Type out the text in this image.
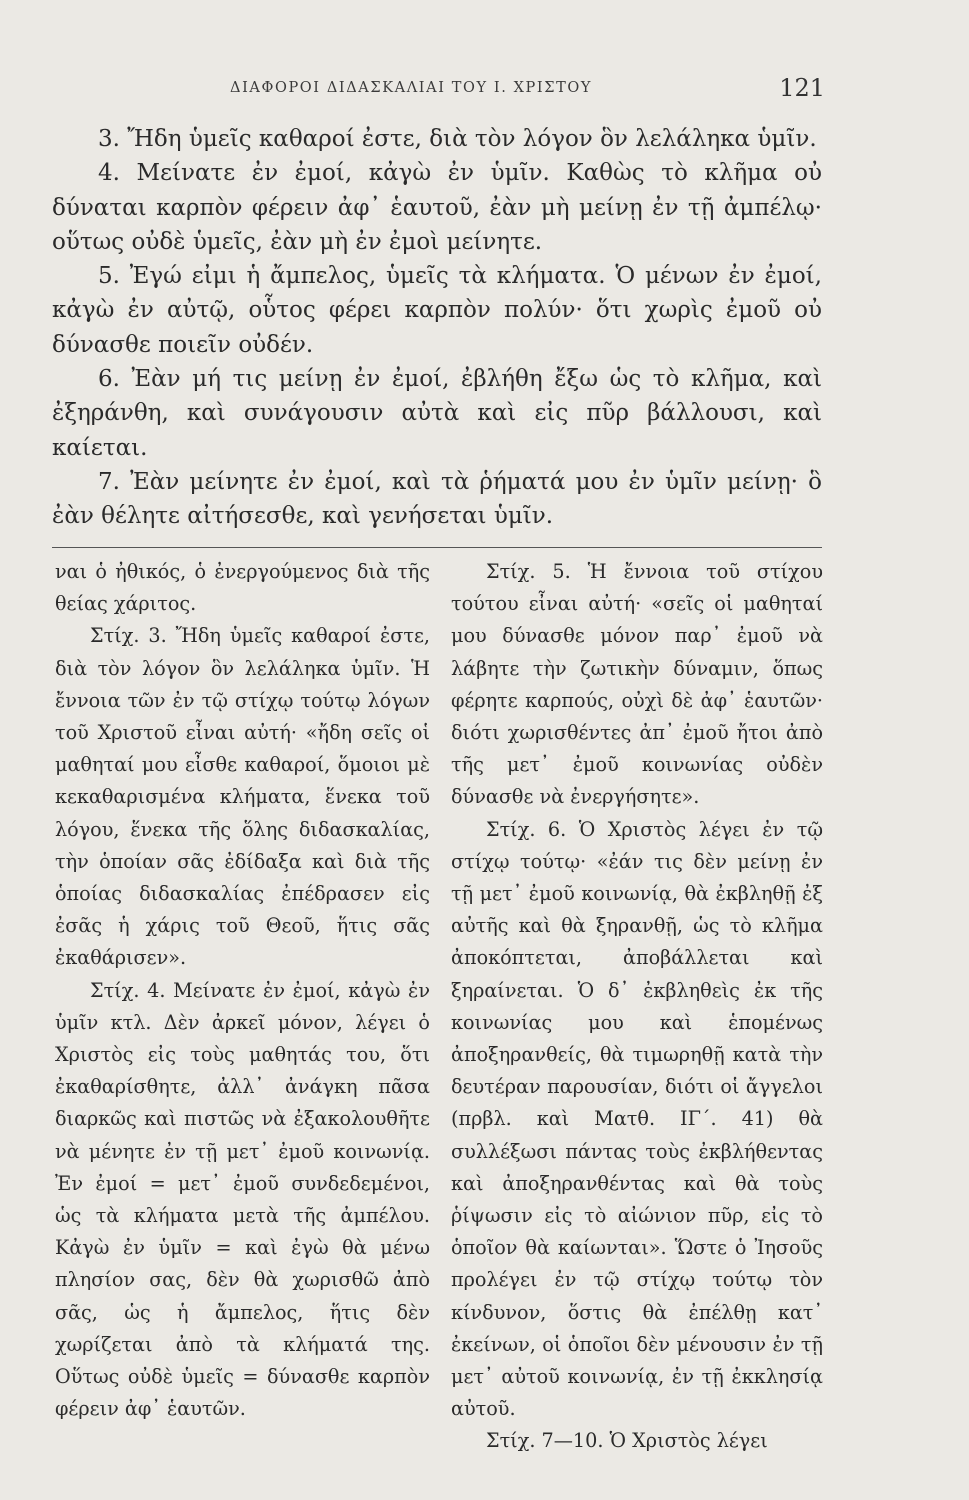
ΔΙΑΦΟΡΟΙ ΔΙΔΑΣΚΑΛΙΑΙ ΤΟΥ Ι. ΧΡΙΣΤΟΥ	121

3. Ἤδη ὑμεῖς καθαροί ἐστε, διὰ τὸν λόγον ὃν λελάληκα ὑμῖν.

4. Μείνατε ἐν ἐμοί, κἀγὼ ἐν ὑμῖν. Καθὼς τὸ κλῆμα οὐ δύναται καρπὸν φέρειν ἀφ᾽ ἑαυτοῦ, ἐὰν μὴ μείνῃ ἐν τῇ ἀμπέλῳ· οὕτως οὐδὲ ὑμεῖς, ἐὰν μὴ ἐν ἐμοὶ μείνητε.

5. Ἐγώ εἰμι ἡ ἄμπελος, ὑμεῖς τὰ κλήματα. Ὁ μένων ἐν ἐμοί, κἀγὼ ἐν αὐτῷ, οὗτος φέρει καρπὸν πολύν· ὅτι χωρὶς ἐμοῦ οὐ δύνασθε ποιεῖν οὐδέν.

6. Ἐὰν μή τις μείνῃ ἐν ἐμοί, ἐβλήθη ἔξω ὡς τὸ κλῆμα, καὶ ἐξηράνθη, καὶ συνάγουσιν αὐτὰ καὶ εἰς πῦρ βάλλουσι, καὶ καίεται.

7. Ἐὰν μείνητε ἐν ἐμοί, καὶ τὰ ῥήματά μου ἐν ὑμῖν μείνῃ· ὃ ἐὰν θέλητε αἰτήσεσθε, καὶ γενήσεται ὑμῖν.

ναι ὁ ἠθικός, ὁ ἐνεργούμενος διὰ τῆς θείας χάριτος.

Στίχ. 3. Ἤδη ὑμεῖς καθαροί ἐστε, διὰ τὸν λόγον ὃν λελάληκα ὑμῖν. Ἡ ἔννοια τῶν ἐν τῷ στίχῳ τούτῳ λόγων τοῦ Χριστοῦ εἶναι αὐτή· «ἤδη σεῖς οἱ μαθηταί μου εἶσθε καθαροί, ὅμοιοι μὲ κεκαθαρισμένα κλήματα, ἕνεκα τοῦ λόγου, ἕνεκα τῆς ὅλης διδασκαλίας, τὴν ὁποίαν σᾶς ἐδίδαξα καὶ διὰ τῆς ὁποίας διδασκαλίας ἐπέδρασεν εἰς ἐσᾶς ἡ χάρις τοῦ Θεοῦ, ἥτις σᾶς ἐκαθάρισεν».

Στίχ. 4. Μείνατε ἐν ἐμοί, κἀγὼ ἐν ὑμῖν κτλ. Δὲν ἀρκεῖ μόνον, λέγει ὁ Χριστὸς εἰς τοὺς μαθητάς του, ὅτι ἐκαθαρίσθητε, ἀλλ᾽ ἀνάγκη πᾶσα διαρκῶς καὶ πιστῶς νὰ ἐξακολουθῆτε νὰ μένητε ἐν τῇ μετ᾽ ἐμοῦ κοινωνίᾳ. Ἐν ἐμοί = μετ᾽ ἐμοῦ συνδεδεμένοι, ὡς τὰ κλήματα μετὰ τῆς ἀμπέλου. Κἀγὼ ἐν ὑμῖν = καὶ ἐγὼ θὰ μένω πλησίον σας, δὲν θὰ χωρισθῶ ἀπὸ σᾶς, ὡς ἡ ἄμπελος, ἥτις δὲν χωρίζεται ἀπὸ τὰ κλήματά της. Οὕτως οὐδὲ ὑμεῖς = δύνασθε καρπὸν φέρειν ἀφ᾽ ἑαυτῶν.

Στίχ. 5. Ἡ ἔννοια τοῦ στίχου τούτου εἶναι αὐτή· «σεῖς οἱ μαθηταί μου δύνασθε μόνον παρ᾽ ἐμοῦ νὰ λάβητε τὴν ζωτικὴν δύναμιν, ὅπως φέρητε καρπούς, οὐχὶ δὲ ἀφ᾽ ἑαυτῶν· διότι χωρισθέντες ἀπ᾽ ἐμοῦ ἤτοι ἀπὸ τῆς μετ᾽ ἐμοῦ κοινωνίας οὐδὲν δύνασθε νὰ ἐνεργήσητε».

Στίχ. 6. Ὁ Χριστὸς λέγει ἐν τῷ στίχῳ τούτῳ· «ἐάν τις δὲν μείνῃ ἐν τῇ μετ᾽ ἐμοῦ κοινωνίᾳ, θὰ ἐκβληθῇ ἐξ αὐτῆς καὶ θὰ ξηρανθῇ, ὡς τὸ κλῆμα ἀποκόπτεται, ἀποβάλλεται καὶ ξηραίνεται. Ὁ δ᾽ ἐκβληθεὶς ἐκ τῆς κοινωνίας μου καὶ ἑπομένως ἀποξηρανθείς, θὰ τιμωρηθῇ κατὰ τὴν δευτέραν παρουσίαν, διότι οἱ ἄγγελοι (πρβλ. καὶ Ματθ. ΙΓ΄. 41) θὰ συλλέξωσι πάντας τοὺς ἐκβλήθεντας καὶ ἀποξηρανθέντας καὶ θὰ τοὺς ῥίψωσιν εἰς τὸ αἰώνιον πῦρ, εἰς τὸ ὁποῖον θὰ καίωνται». Ὥστε ὁ Ἰησοῦς προλέγει ἐν τῷ στίχῳ τούτῳ τὸν κίνδυνον, ὅστις θὰ ἐπέλθῃ κατ᾽ ἐκείνων, οἱ ὁποῖοι δὲν μένουσιν ἐν τῇ μετ᾽ αὐτοῦ κοινωνίᾳ, ἐν τῇ ἐκκλησίᾳ αὐτοῦ.

Στίχ. 7—10. Ὁ Χριστὸς λέγει
